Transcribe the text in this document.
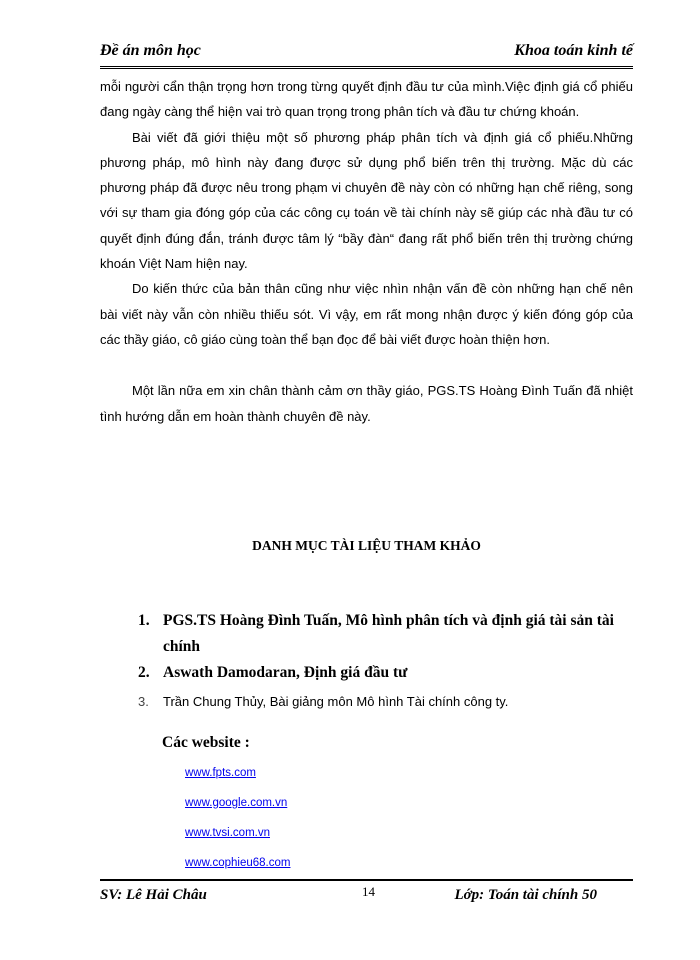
Đề án môn học	Khoa toán kinh tế

mỗi người cẩn thận trọng hơn trong từng quyết định đầu tư của mình.Việc định giá cổ phiếu đang ngày càng thể hiện vai trò quan trọng trong phân tích và đầu tư chứng khoán.

Bài viết đã giới thiệu một số phương pháp phân tích và định giá cổ phiếu.Những phương pháp, mô hình này đang được sử dụng phổ biến trên thị trường. Mặc dù các phương pháp đã được nêu trong phạm vi chuyên đề này còn có những hạn chế riêng, song với sự tham gia đóng góp của các công cụ toán về tài chính này sẽ giúp các nhà đầu tư có quyết định đúng đắn, tránh được tâm lý “bầy đàn“ đang rất phổ biến trên thị trường chứng khoán Việt Nam hiện nay.

Do kiến thức của bản thân cũng như việc nhìn nhận vấn đề còn những hạn chế nên bài viết này vẫn còn nhiều thiếu sót. Vì vậy, em rất mong nhận được ý kiến đóng góp của các thầy giáo, cô giáo cùng toàn thể bạn đọc để bài viết được hoàn thiện hơn.

Một lần nữa em xin chân thành cảm ơn thầy giáo, PGS.TS Hoàng Đình Tuấn đã nhiệt tình hướng dẫn em hoàn thành chuyên đề này.

DANH MỤC TÀI LIỆU THAM KHẢO
1. PGS.TS Hoàng Đình Tuấn, Mô hình phân tích và định giá tài sản tài chính
2. Aswath Damodaran, Định giá đầu tư
3. Trần Chung Thủy, Bài giảng môn Mô hình Tài chính công ty.
Các website :
www.fpts.com
www.google.com.vn
www.tvsi.com.vn
www.cophieu68.com
SV: Lê Hải Châu	14	Lớp: Toán tài chính 50
